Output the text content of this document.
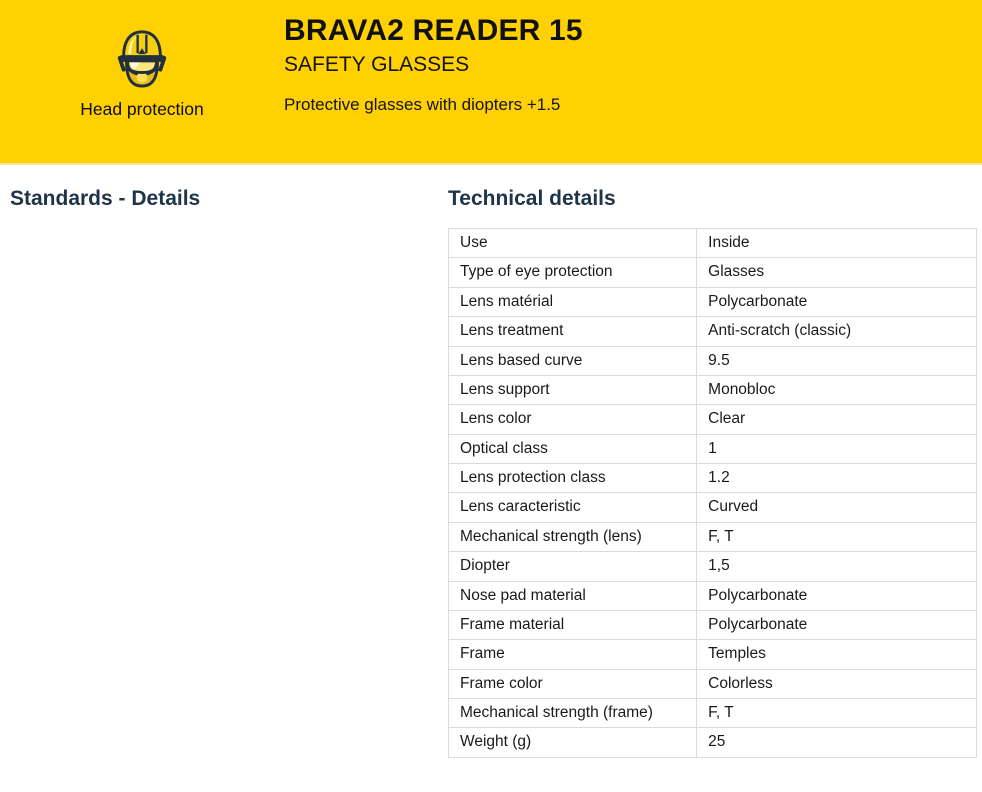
Head protection
BRAVA2 READER 15
SAFETY GLASSES

Protective glasses with diopters +1.5

Standards - Details	Technical details
Use	Inside
Type of eye protection	Glasses
Lens matérial	Polycarbonate
Lens treatment	Anti-scratch (classic)
Lens based curve	9.5
Lens support	Monobloc
Lens color	Clear
Optical class	1
Lens protection class	1.2
Lens caracteristic	Curved
Mechanical strength (lens)	F, T
Diopter	1,5
Nose pad material	Polycarbonate
Frame material	Polycarbonate
Frame	Temples
Frame color	Colorless
Mechanical strength (frame)	F, T
Weight (g)	25
